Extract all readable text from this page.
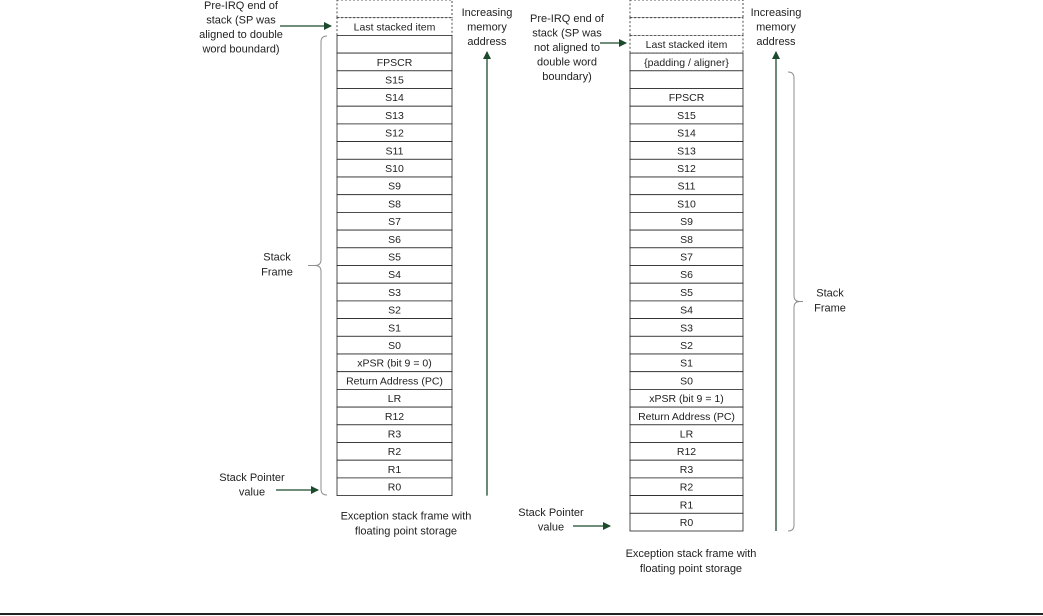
Last stacked item
FPSCR
S15
S14
S13
S12
S11
S10
S9
S8
S7
S6
S5
S4
S3
S2
S1
S0
xPSR (bit 9 = 0)
Return Address (PC)
LR
R12
R3
R2
R1
R0
Pre-IRQ end of stack (SP was aligned to double word boundard)
Increasing memory address
Stack Frame
Stack Pointer value
Exception stack frame with floating point storage
Last stacked item
{padding / aligner}
FPSCR
S15
S14
S13
S12
S11
S10
S9
S8
S7
S6
S5
S4
S3
S2
S1
S0
xPSR (bit 9 = 1)
Return Address (PC)
LR
R12
R3
R2
R1
R0
Pre-IRQ end of stack (SP was not aligned to double word boundary)
Increasing memory address
Stack Frame
Stack Pointer value
Exception stack frame with floating point storage
